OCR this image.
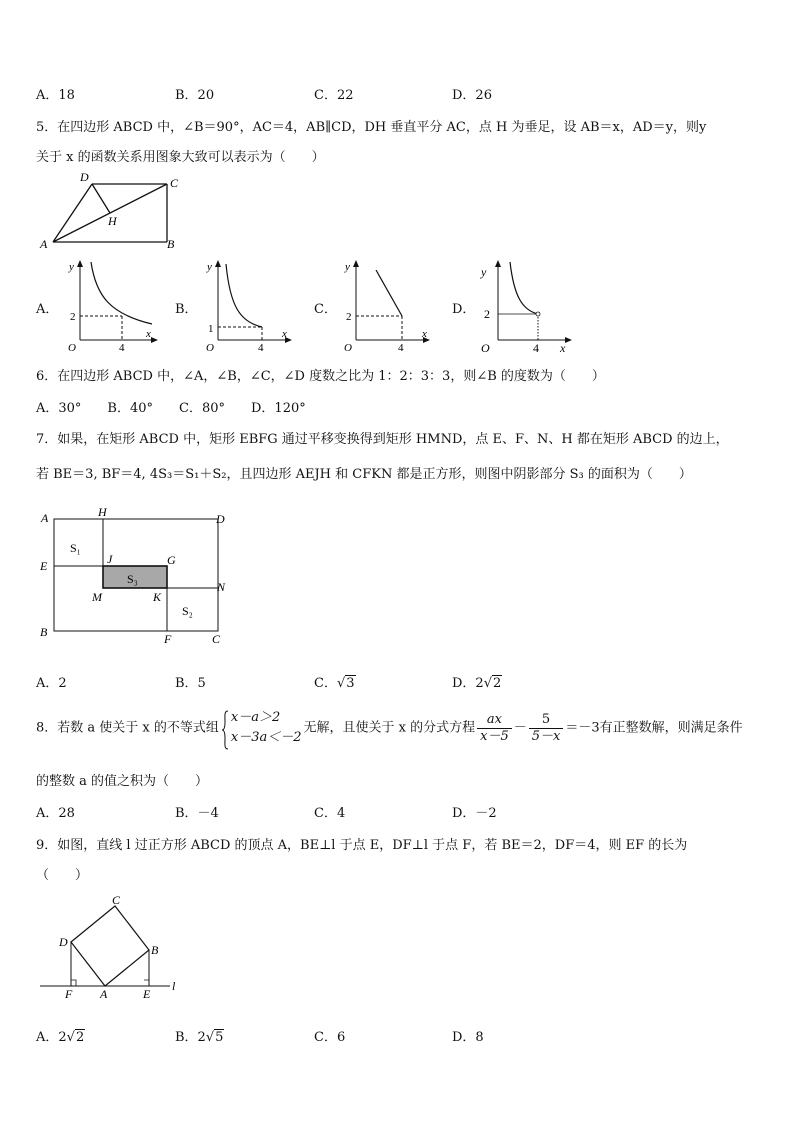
A．18	B．20	C．22	D．26
5．在四边形 ABCD 中，∠B＝90°，AC＝4，AB∥CD，DH 垂直平分 AC，点 H 为垂足，设 AB＝x，AD＝y，则y
关于 x 的函数关系用图象大致可以表示为（　　）
D	C
H
A	B
A．	B．	C．	D．
y
x
O
2
4
y
x
O
1
4
y
x
O
2
4
y
x
O
2
4
6．在四边形 ABCD 中，∠A，∠B，∠C，∠D 度数之比为 1：2：3：3，则∠B 的度数为（　　）
A．30°　　B．40°　　C．80°　　D．120°
7．如果，在矩形 ABCD 中，矩形 EBFG 通过平移变换得到矩形 HMND，点 E、F、N、H 都在矩形 ABCD 的边上，
若 BE＝3, BF＝4, 4S₃＝S₁＋S₂，且四边形 AEJH 和 CFKN 都是正方形，则图中阴影部分 S₃ 的面积为（　　）
A	H	D
S₁
J	G
E
S₃
N
M	K
S₂
B	F	C
A．2	B．5	C．√3	D．2√2
8．若数 a 使关于 x 的不等式组
x－a＞2
x－3a＜－2
无解，且使关于 x 的分式方程 $\frac{ax}{x-5} - \frac{5}{5-x} =-3$有正整数解，则满足条件
的整数 a 的值之积为（　　）
A．28	B．－4	C．4	D．－2
9．如图，直线 l 过正方形 ABCD 的顶点 A，BE⊥l 于点 E，DF⊥l 于点 F，若 BE＝2，DF＝4，则 EF 的长为
（　　）
C
D
B
F A	E
l
A．2√2	B．2√5	C．6	D．8
